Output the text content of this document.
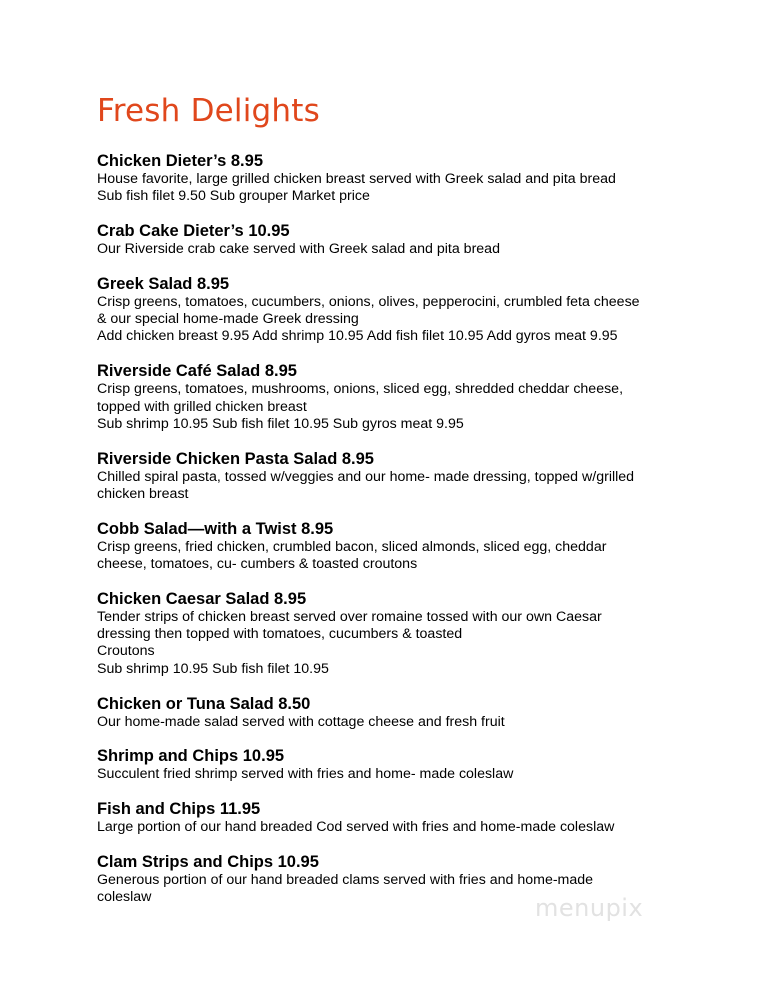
Fresh Delights

Chicken Dieter’s 8.95

House favorite, large grilled chicken breast served with Greek salad and pita bread

Sub fish filet 9.50 Sub grouper Market price

Crab Cake Dieter’s 10.95

Our Riverside crab cake served with Greek salad and pita bread

Greek Salad 8.95

Crisp greens, tomatoes, cucumbers, onions, olives, pepperocini, crumbled feta cheese

& our special home-made Greek dressing

Add chicken breast 9.95 Add shrimp 10.95 Add fish filet 10.95 Add gyros meat 9.95

Riverside Café Salad 8.95

Crisp greens, tomatoes, mushrooms, onions, sliced egg, shredded cheddar cheese,

topped with grilled chicken breast

Sub shrimp 10.95 Sub fish filet 10.95 Sub gyros meat 9.95

Riverside Chicken Pasta Salad 8.95

Chilled spiral pasta, tossed w/veggies and our home- made dressing, topped w/grilled

chicken breast

Cobb Salad—with a Twist 8.95

Crisp greens, fried chicken, crumbled bacon, sliced almonds, sliced egg, cheddar

cheese, tomatoes, cu- cumbers & toasted croutons

Chicken Caesar Salad 8.95

Tender strips of chicken breast served over romaine tossed with our own Caesar

dressing then topped with tomatoes, cucumbers & toasted

Croutons

Sub shrimp 10.95 Sub fish filet 10.95

Chicken or Tuna Salad 8.50

Our home-made salad served with cottage cheese and fresh fruit

Shrimp and Chips 10.95

Succulent fried shrimp served with fries and home- made coleslaw

Fish and Chips 11.95

Large portion of our hand breaded Cod served with fries and home-made coleslaw

Clam Strips and Chips 10.95

Generous portion of our hand breaded clams served with fries and home-made

coleslaw	menupix
